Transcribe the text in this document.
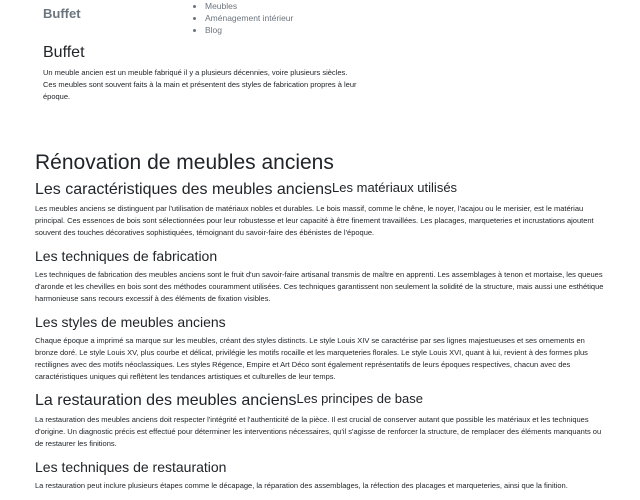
Buffet
•	Meubles
• Aménagement intérieur
• Blog
Buffet

Un meuble ancien est un meuble fabriqué il y a plusieurs décennies, voire plusieurs siècles. Ces meubles sont souvent faits à la main et présentent des styles de fabrication propres à leur époque.

Rénovation de meubles anciens
Les caractéristiques des meubles anciens Les matériaux utilisés

Les meubles anciens se distinguent par l'utilisation de matériaux nobles et durables. Le bois massif, comme le chêne, le noyer, l'acajou ou le merisier, est le matériau principal. Ces essences de bois sont sélectionnées pour leur robustesse et leur capacité à être finement travaillées. Les placages, marqueteries et incrustations ajoutent souvent des touches décoratives sophistiquées, témoignant du savoir-faire des ébénistes de l'époque.

Les techniques de fabrication

Les techniques de fabrication des meubles anciens sont le fruit d'un savoir-faire artisanal transmis de maître en apprenti. Les assemblages à tenon et mortaise, les queues d'aronde et les chevilles en bois sont des méthodes couramment utilisées. Ces techniques garantissent non seulement la solidité de la structure, mais aussi une esthétique harmonieuse sans recours excessif à des éléments de fixation visibles.

Les styles de meubles anciens

Chaque époque a imprimé sa marque sur les meubles, créant des styles distincts. Le style Louis XIV se caractérise par ses lignes majestueuses et ses ornements en bronze doré. Le style Louis XV, plus courbe et délicat, privilégie les motifs rocaille et les marqueteries florales. Le style Louis XVI, quant à lui, revient à des formes plus rectilignes avec des motifs néoclassiques. Les styles Régence, Empire et Art Déco sont également représentatifs de leurs époques respectives, chacun avec des caractéristiques uniques qui reflètent les tendances artistiques et culturelles de leur temps.

La restauration des meubles anciens Les principes de base

La restauration des meubles anciens doit respecter l'intégrité et l'authenticité de la pièce. Il est crucial de conserver autant que possible les matériaux et les techniques d'origine. Un diagnostic précis est effectué pour déterminer les interventions nécessaires, qu'il s'agisse de renforcer la structure, de remplacer des éléments manquants ou de restaurer les finitions.

Les techniques de restauration

La restauration peut inclure plusieurs étapes comme le décapage, la réparation des assemblages, la réfection des placages et marqueteries, ainsi que la finition.
